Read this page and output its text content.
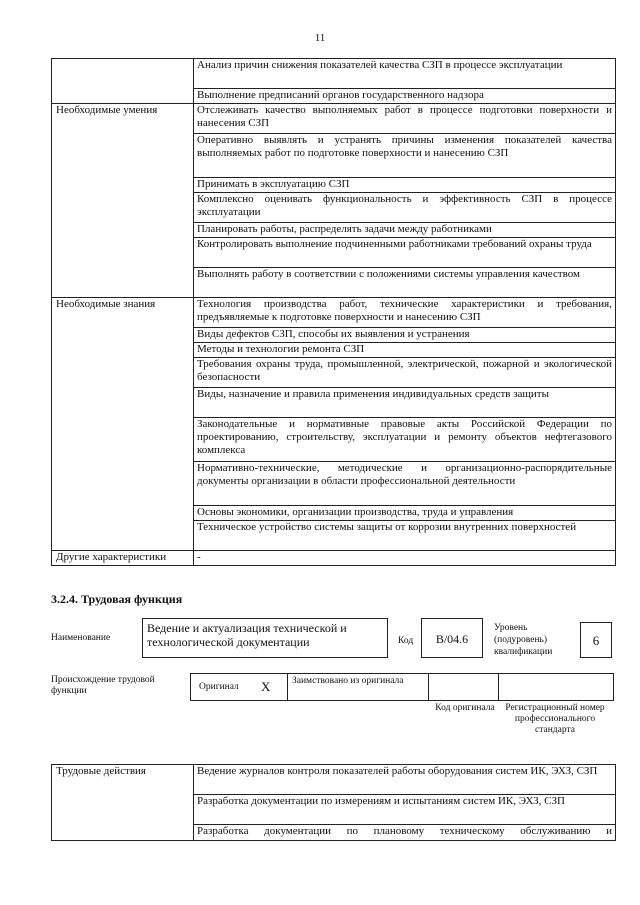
11
	Анализ причин снижения показателей качества СЗП в процессе эксплуатации
	Выполнение предписаний органов государственного надзора
Необходимые умения	Отслеживать качество выполняемых работ в процессе подготовки поверхности и нанесения СЗП
	Оперативно выявлять и устранять причины изменения показателей качества выполняемых работ по подготовке поверхности и нанесению СЗП
	Принимать в эксплуатацию СЗП
	Комплексно оценивать функциональность и эффективность СЗП в процессе эксплуатации
	Планировать работы, распределять задачи между работниками
	Контролировать выполнение подчиненными работниками требований охраны труда
	Выполнять работу в соответствии с положениями системы управления качеством
Необходимые знания	Технология производства работ, технические характеристики и требования, предъявляемые к подготовке поверхности и нанесению СЗП
	Виды дефектов СЗП, способы их выявления и устранения
	Методы и технологии ремонта СЗП
	Требования охраны труда, промышленной, электрической, пожарной и экологической безопасности
	Виды, назначение и правила применения индивидуальных средств защиты
	Законодательные и нормативные правовые акты Российской Федерации по проектированию, строительству, эксплуатации и ремонту объектов нефтегазового комплекса
	Нормативно-технические, методические и организационно-распорядительные документы организации в области профессиональной деятельности
	Основы экономики, организации производства, труда и управления
	Техническое устройство системы защиты от коррозии внутренних поверхностей
Другие характеристики	-
3.2.4. Трудовая функция
Наименование
Ведение и актуализация технической и технологической документации	Код	В/04.6
Уровень (подуровень) квалификации
6
Происхождение трудовой функции	Оригинал X Заимствовано из оригинала
Код оригинала	Регистрационный номер профессионального стандарта
Трудовые действия	Ведение журналов контроля показателей работы оборудования систем ИК, ЭХЗ, СЗП
Разработка документации по измерениям и испытаниям систем ИК, ЭХЗ, СЗП
Разработка документации по плановому техническому обслуживанию и
